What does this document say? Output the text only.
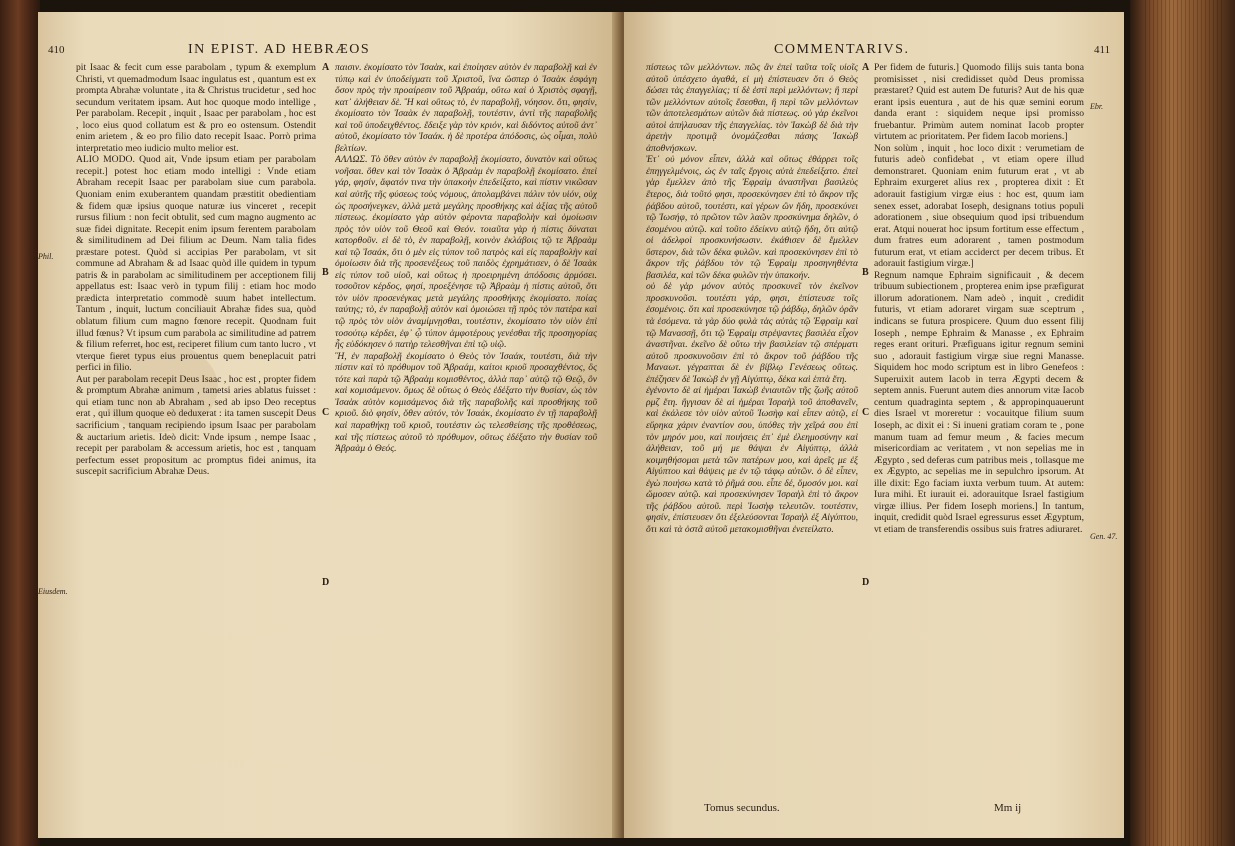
410	IN EPIST. AD HEBRÆOS
Phil.
Eiusdem.

pit Isaac & fecit cum esse parabolam , typum & exemplum Christi, vt quemadmodum Isaac ingulatus est , quantum est ex prompta Abrahæ voluntate , ita & Christus trucidetur , sed hoc secundum veritatem ipsam. Aut hoc quoque modo intellige , Per parabolam. Recepit , inquit , Isaac per parabolam , hoc est , loco eius quod collatum est & pro eo ostensum. Ostendit enim arietem , & eo pro filio dato recepit Isaac. Porrò prima interpretatio meo iudicio multo melior est.

ALIO MODO. Quod ait, Vnde ipsum etiam per parabolam recepit.] potest hoc etiam modo intelligi : Vnde etiam Abraham recepit Isaac per parabolam siue cum parabola. Quoniam enim exuberantem quandam præstitit obedientiam & fidem quæ ipsius quoque naturæ ius vinceret , recepit rursus filium : non fecit obtulit, sed cum magno augmento ac suæ fidei dignitate. Recepit enim ipsum ferentem parabolam & similitudinem ad Dei filium ac Deum. Nam talia fides præstare potest. Quòd si accipias Per parabolam, vt sit commune ad Abraham & ad Isaac quòd ille quidem in typum patris & in parabolam ac similitudinem per acceptionem filij appellatus est: Isaac verò in typum filij : etiam hoc modo prædicta interpretatio commodè suum habet intellectum. Tantum , inquit, luctum conciliauit Abrahæ fides sua, quòd oblatum filium cum magno fœnore recepit. Quodnam fuit illud fœnus? Vt ipsum cum parabola ac similitudine ad patrem & filium referret, hoc est, reciperet filium cum tanto lucro , vt vterque fieret typus eius prouentus quem beneplacuit patri perfici in filio.

Aut per parabolam recepit Deus Isaac , hoc est , propter fidem & promptum Abrahæ animum , tametsi aries ablatus fuisset : qui etiam tunc non ab Abraham , sed ab ipso Deo receptus erat , qui illum quoque eò deduxerat : ita tamen suscepit Deus sacrificium , tanquam recipiendo ipsum Isaac per parabolam & auctarium arietis. Ideò dicit: Vnde ipsum , nempe Isaac , recepit per parabolam & accessum arietis, hoc est , tanquam perfectum esset propositum ac promptus fidei animus, ita suscepit sacrificium Abrahæ Deus.

A
B
C
D

παισιν. ἐκομίσατο τὸν Ἰσαὰκ, καὶ ἐποίησεν αὐτὸν ἐν παραβολῇ καὶ ἐν τύπῳ καὶ ἐν ὑποδείγματι τοῦ Χριστοῦ, ἵνα ὥσπερ ὁ Ἰσαὰκ ἐσφάγη ὅσον πρὸς τὴν προαίρεσιν τοῦ Ἀβραάμ, οὕτω καὶ ὁ Χριστὸς σφαγῇ, κατ᾽ ἀλήθειαν δὲ. Ἢ καὶ οὕτως τὸ, ἐν παραβολῇ, νόησον. ὅτι, φησίν, ἐκομίσατο τὸν Ἰσαὰκ ἐν παραβολῇ, τουτέστιν, ἀντὶ τῆς παραβολῆς καὶ τοῦ ὑποδειχθέντος. ἔδειξε γὰρ τὸν κριόν, καὶ διδόντος αὐτοῦ ἀντ᾽ αὐτοῦ, ἐκομίσατο τὸν Ἰσαάκ. ἡ δὲ προτέρα ἀπόδοσις, ὡς οἶμαι, πολὺ βελτίων.

ΑΛΛΩΣ. Τὸ ὅθεν αὐτὸν ἐν παραβολῇ ἐκομίσατο, δυνατὸν καὶ οὕτως νοῆσαι. ὅθεν καὶ τὸν Ἰσαὰκ ὁ Ἀβραὰμ ἐν παραβολῇ ἐκομίσατο. ἐπεὶ γάρ, φησίν, ἄφατόν τινα τὴν ὑπακοὴν ἐπεδείξατο, καὶ πίστιν νικῶσαν καὶ αὐτῆς τῆς φύσεως τοὺς νόμους, ἀπολαμβάνει πάλιν τὸν υἱόν, οὐχ ὡς προσήνεγκεν, ἀλλὰ μετὰ μεγάλης προσθήκης καὶ ἀξίας τῆς αὐτοῦ πίστεως. ἐκομίσατο γὰρ αὐτὸν φέροντα παραβολὴν καὶ ὁμοίωσιν πρὸς τὸν υἱὸν τοῦ Θεοῦ καὶ Θεόν. τοιαῦτα γὰρ ἡ πίστις δύναται κατορθοῦν. εἰ δὲ τὸ, ἐν παραβολῇ, κοινὸν ἐκλάβοις τῷ τε Ἀβραὰμ καὶ τῷ Ἰσαάκ, ὅτι ὁ μὲν εἰς τύπον τοῦ πατρὸς καὶ εἰς παραβολὴν καὶ ὁμοίωσιν διὰ τῆς προσενέξεως τοῦ παιδὸς ἐχρημάτισεν, ὁ δὲ Ἰσαὰκ εἰς τύπον τοῦ υἱοῦ, καὶ οὕτως ἡ προειρημένη ἀπόδοσις ἁρμόσει. τοσοῦτον κέρδος, φησί, προεξένησε τῷ Ἀβραὰμ ἡ πίστις αὐτοῦ, ὅτι τὸν υἱὸν προσενέγκας μετὰ μεγάλης προσθήκης ἐκομίσατο. ποίας ταύτης; τὸ, ἐν παραβολῇ αὐτὸν καὶ ὁμοιώσει τῇ πρὸς τὸν πατέρα καὶ τῷ πρὸς τὸν υἱὸν ἀναμίμνῃσθαι, τουτέστιν, ἐκομίσατο τὸν υἱὸν ἐπὶ τοσούτῳ κέρδει, ἐφ᾽ ᾧ τύπον ἀμφοτέρους γενέσθαι τῆς προσηγορίας ἧς εὐδόκησεν ὁ πατὴρ τελεσθῆναι ἐπὶ τῷ υἱῷ.

Ἢ, ἐν παραβολῇ ἐκομίσατο ὁ Θεὸς τὸν Ἰσαάκ, τουτέστι, διὰ τὴν πίστιν καὶ τὸ πρόθυμον τοῦ Ἀβραάμ, καίτοι κριοῦ προσαχθέντος, ὃς τότε καὶ παρὰ τῷ Ἀβραὰμ κομισθέντος, ἀλλὰ παρ᾽ αὐτῷ τῷ Θεῷ, ὃν καὶ κομισάμενον. ὅμως δὲ οὕτως ὁ Θεὸς ἐδέξατο τὴν θυσίαν, ὡς τὸν Ἰσαὰκ αὐτὸν κομισάμενος διὰ τῆς παραβολῆς καὶ προσθήκης τοῦ κριοῦ. διὸ φησίν, ὅθεν αὐτόν, τὸν Ἰσαάκ, ἐκομίσατο ἐν τῇ παραβολῇ καὶ παραθήκῃ τοῦ κριοῦ, τουτέστιν ὡς τελεσθείσης τῆς προθέσεως, καὶ τῆς πίστεως αὐτοῦ τὸ πρόθυμον, οὕτως ἐδέξατο τὴν θυσίαν τοῦ Ἀβραὰμ ὁ Θεός.

COMMENTARIVS.	411

πίστεως τῶν μελλόντων. πῶς ἂν ἐπεὶ ταῦτα τοῖς υἱοῖς αὐτοῦ ὑπέσχετο ἀγαθά, εἰ μὴ ἐπίστευσεν ὅτι ὁ Θεὸς δώσει τὰς ἐπαγγελίας; τί δὲ ἐστὶ περὶ μελλόντων; ἢ περὶ τῶν μελλόντων αὐτοῖς ἔσεσθαι, ἢ περὶ τῶν μελλόντων τῶν ἀποτελεσμάτων αὐτῶν διὰ πίστεως. οὐ γὰρ ἐκεῖνοι αὐτοὶ ἀπήλαυσαν τῆς ἐπαγγελίας. τὸν Ἰακὼβ δὲ διὰ τὴν ἀρετὴν προτιμᾷ ὀνομάζεσθαι πάσης Ἰακὼβ ἀποθνήσκων.

Ἐτ᾽ οὐ μόνον εἶπεν, ἀλλὰ καὶ οὕτως ἐθάρρει τοῖς ἐπηγγελμένοις, ὡς ἐν ταῖς ἔργοις αὐτὰ ἐπεδείξατο. ἐπεὶ γὰρ ἔμελλεν ἀπὸ τῆς Ἐφραὶμ ἀναστῆναι βασιλεὺς ἕτερος, διὰ τοῦτό φησι, προσεκύνησεν ἐπὶ τὸ ἄκρον τῆς ῥάβδου αὐτοῦ, τουτέστι, καὶ γέρων ὢν ἤδη, προσεκύνει τῷ Ἰωσήφ, τὸ πρῶτον τῶν λαῶν προσκύνημα δηλῶν, ὁ ἐσομένου αὐτῷ. καὶ τοῦτο ἐδείκνυ αὐτῷ ἤδη, ὅτι αὐτῷ οἱ ἀδελφοὶ προσκυνήσωσιν. ἐκάθισεν δὲ ἔμελλεν ὕστερον, διὰ τῶν δέκα φυλῶν. καὶ προσεκύνησεν ἐπὶ τὸ ἄκρον τῆς ῥάβδου τὸν τῷ Ἐφραὶμ προσηνηθέντα βασιλέα, καὶ τῶν δέκα φυλῶν τὴν ὑπακοήν.

οὐ δὲ γὰρ μόνον αὐτὸς προσκυνεῖ τὸν ἐκεῖνον προσκυνοῦσι. τουτέστι γάρ, φησι, ἐπίστευσε τοῖς ἐσομένοις. ὅτι καὶ προσεκύνησε τῷ ῥάβδῳ, δηλῶν ὁρᾶν τὰ ἐσόμενα. τὰ γὰρ δύο φυλὰ τὰς αὐτὰς τῷ Ἐφραὶμ καὶ τῷ Μανασσῇ, ὅτι τῷ Ἐφραὶμ στρέψαντες βασιλέα εἶχον ἀναστῆναι. ἐκεῖνο δὲ οὕτω τὴν βασιλείαν τῷ σπέρματι αὐτοῦ προσκυνοῦσιν ἐπὶ τὸ ἄκρον τοῦ ῥάβδου τῆς Μαναωτ. γέγραπται δὲ ἐν βίβλῳ Γενέσεως οὕτως. ἐπέζησεν δὲ Ἰακὼβ ἐν γῇ Αἰγύπτῳ, δέκα καὶ ἑπτὰ ἔτη.

ἐγένοντο δὲ αἱ ἡμέραι Ἰακὼβ ἐνιαυτῶν τῆς ζωῆς αὐτοῦ ρμζ ἔτη. ἤγγισαν δὲ αἱ ἡμέραι Ἰσραὴλ τοῦ ἀποθανεῖν, καὶ ἐκάλεσε τὸν υἱὸν αὐτοῦ Ἰωσὴφ καὶ εἶπεν αὐτῷ, εἰ εὕρηκα χάριν ἐναντίον σου, ὑπόθες τὴν χεῖρά σου ἐπὶ τὸν μηρόν μου, καὶ ποιήσεις ἐπ᾽ ἐμὲ ἐλεημοσύνην καὶ ἀλήθειαν, τοῦ μή με θάψαι ἐν Αἰγύπτῳ, ἀλλὰ κοιμηθήσομαι μετὰ τῶν πατέρων μου, καὶ ἀρεῖς με ἐξ Αἰγύπτου καὶ θάψεις με ἐν τῷ τάφῳ αὐτῶν. ὁ δὲ εἶπεν, ἐγὼ ποιήσω κατὰ τὸ ῥῆμά σου. εἶπε δέ, ὄμοσόν μοι. καὶ ὤμοσεν αὐτῷ. καὶ προσεκύνησεν Ἰσραὴλ ἐπὶ τὸ ἄκρον τῆς ῥάβδου αὐτοῦ. περὶ Ἰωσὴφ τελευτῶν. τουτέστιν, φησίν, ἐπίστευσεν ὅτι ἐξελεύσονται Ἰσραὴλ ἐξ Αἰγύπτου, ὅτι καὶ τὰ ὀστᾶ αὐτοῦ μετακομισθῆναι ἐνετείλατο.

A
B
C
D

Per fidem de futuris.] Quomodo filijs suis tanta bona promisisset , nisi credidisset quòd Deus promissa præstaret? Quid est autem De futuris? Aut de his quæ erant ipsis euentura , aut de his quæ semini eorum danda erant : siquidem neque ipsi promisso fruebantur. Primùm autem nominat Iacob propter virtutem ac prioritatem. Per fidem Iacob moriens.]

Non solùm , inquit , hoc loco dixit : verumetiam de futuris adeò confidebat , vt etiam opere illud demonstraret. Quoniam enim futurum erat , vt ab Ephraim exurgeret alius rex , propterea dixit : Et adorauit fastigium virgæ eius : hoc est, quum iam senex esset, adorabat Ioseph, designans totius populi adorationem , siue obsequium quod ipsi tribuendum erat. Atqui nouerat hoc ipsum fortitum esse effectum , dum fratres eum adorarent , tamen postmodum futurum erat, vt etiam acciderct per decem tribus. Et adorauit fastigium virgæ.]

Regnum namque Ephraim significauit , & decem tribuum subiectionem , propterea enim ipse præfigurat illorum adorationem. Nam adeò , inquit , credidit futuris, vt etiam adoraret virgam suæ sceptrum , indicans se futura prospicere. Quum duo essent filij Ioseph , nempe Ephraim & Manasse , ex Ephraim reges erant orituri. Præfiguans igitur regnum semini suo , adorauit fastigium virgæ siue regni Manasse. Siquidem hoc modo scriptum est in libro Genefeos : Superuixit autem Iacob in terra Ægypti decem & septem annis. Fuerunt autem dies annorum vitæ Iacob centum quadraginta septem , & appropinquauerunt dies Israel vt moreretur : vocauitque filium suum Ioseph, ac dixit ei : Si inueni gratiam coram te , pone manum tuam ad femur meum , & facies mecum misericordiam ac veritatem , vt non sepelias me in Ægypto , sed deferas cum patribus meis , tollasque me ex Ægypto, ac sepelias me in sepulchro ipsorum. At ille dixit: Ego faciam iuxta verbum tuum. At autem: Iura mihi. Et iurauit ei. adorauitque Israel fastigium virgæ illius. Per fidem Ioseph moriens.] In tantum, inquit, credidit quòd Israel egressurus esset Ægyptum, vt etiam de transferendis ossibus suis fratres adiuraret.

Ebr.
Gen. 47.
Tomus secundus.	Mm ij
